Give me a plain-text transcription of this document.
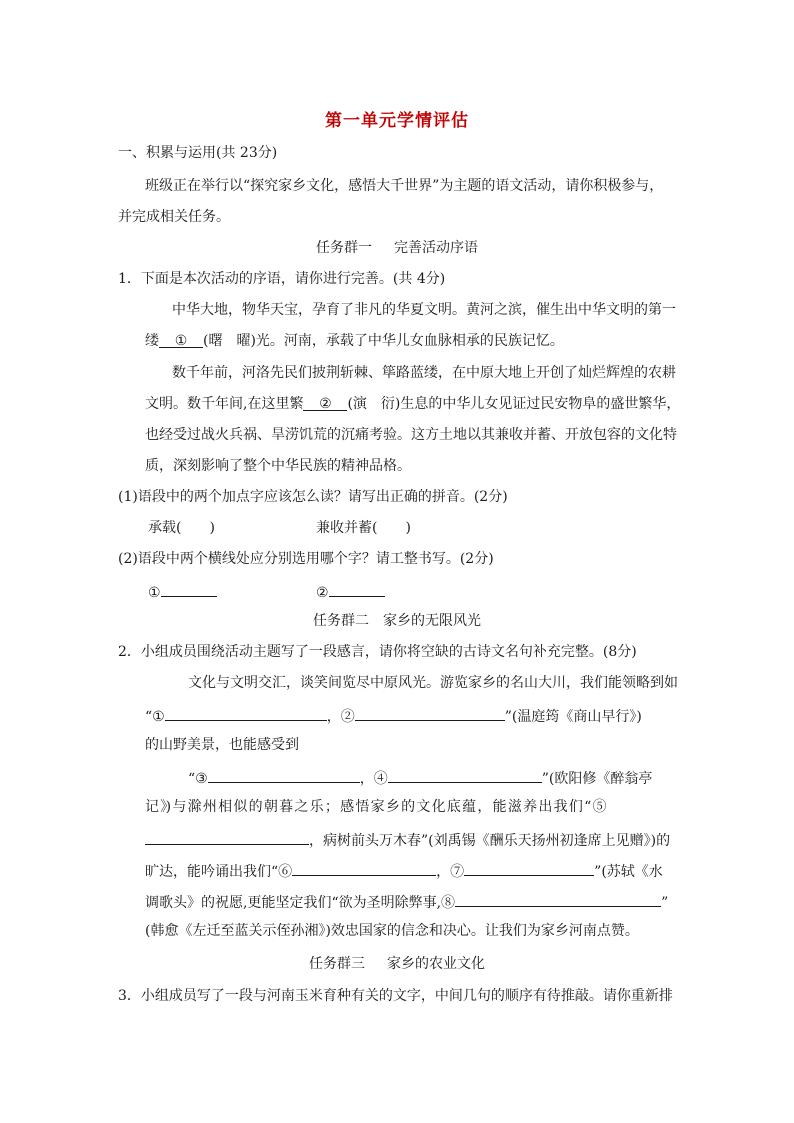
第一单元学情评估
一、积累与运用(共 23分)
班级正在举行以“探究家乡文化，感悟大千世界”为主题的语文活动，请你积极参与，
并完成相关任务。
任务群一 完善活动序语
1．下面是本次活动的序语，请你进行完善。(共 4分)
中华大地，物华天宝，孕育了非凡的华夏文明。黄河之滨，催生出中华文明的第一
缕 ① (曙　曜)光。河南，承载了中华儿女血脉相承的民族记忆。
数千年前，河洛先民们披荆斩棘、筚路蓝缕，在中原大地上开创了灿烂辉煌的农耕
文明。数千年间,在这里繁 ② (演　衍)生息的中华儿女见证过民安物阜的盛世繁华，
也经受过战火兵祸、旱涝饥荒的沉痛考验。这方土地以其兼收并蓄、开放包容的文化特
质，深刻影响了整个中华民族的精神品格。
(1)语段中的两个加点字应该怎么读？请写出正确的拼音。(2分)
承载(　　)	兼收并蓄(　　)
(2)语段中两个横线处应分别选用哪个字？请工整书写。(2分)
①	②
任务群二 家乡的无限风光
2．小组成员围绕活动主题写了一段感言，请你将空缺的古诗文名句补充完整。(8分)
文化与文明交汇，谈笑间览尽中原风光。游览家乡的名山大川，我们能领略到如
“①	，②	”(温庭筠《商山早行》)
的山野美景，也能感受到
“③	，④	”(欧阳修《醉翁亭
记 》) 与 滁 州 相 似 的 朝 暮 之 乐 ； 感 悟 家 乡 的 文 化 底 蕴 ， 能 滋 养 出 我 们 “ ⑤
，病树前头万木春”(刘禹锡《酬乐天扬州初逢席上见赠》)的
旷达，能吟诵出我们“⑥	，⑦	”(苏轼《水
调歌头》的祝愿,更能坚定我们“欲为圣明除弊事,⑧	”
(韩愈《左迁至蓝关示侄孙湘》)效忠国家的信念和决心。让我们为家乡河南点赞。
任务群三 家乡的农业文化
3．小组成员写了一段与河南玉米育种有关的文字，中间几句的顺序有待推敲。请你重新排
